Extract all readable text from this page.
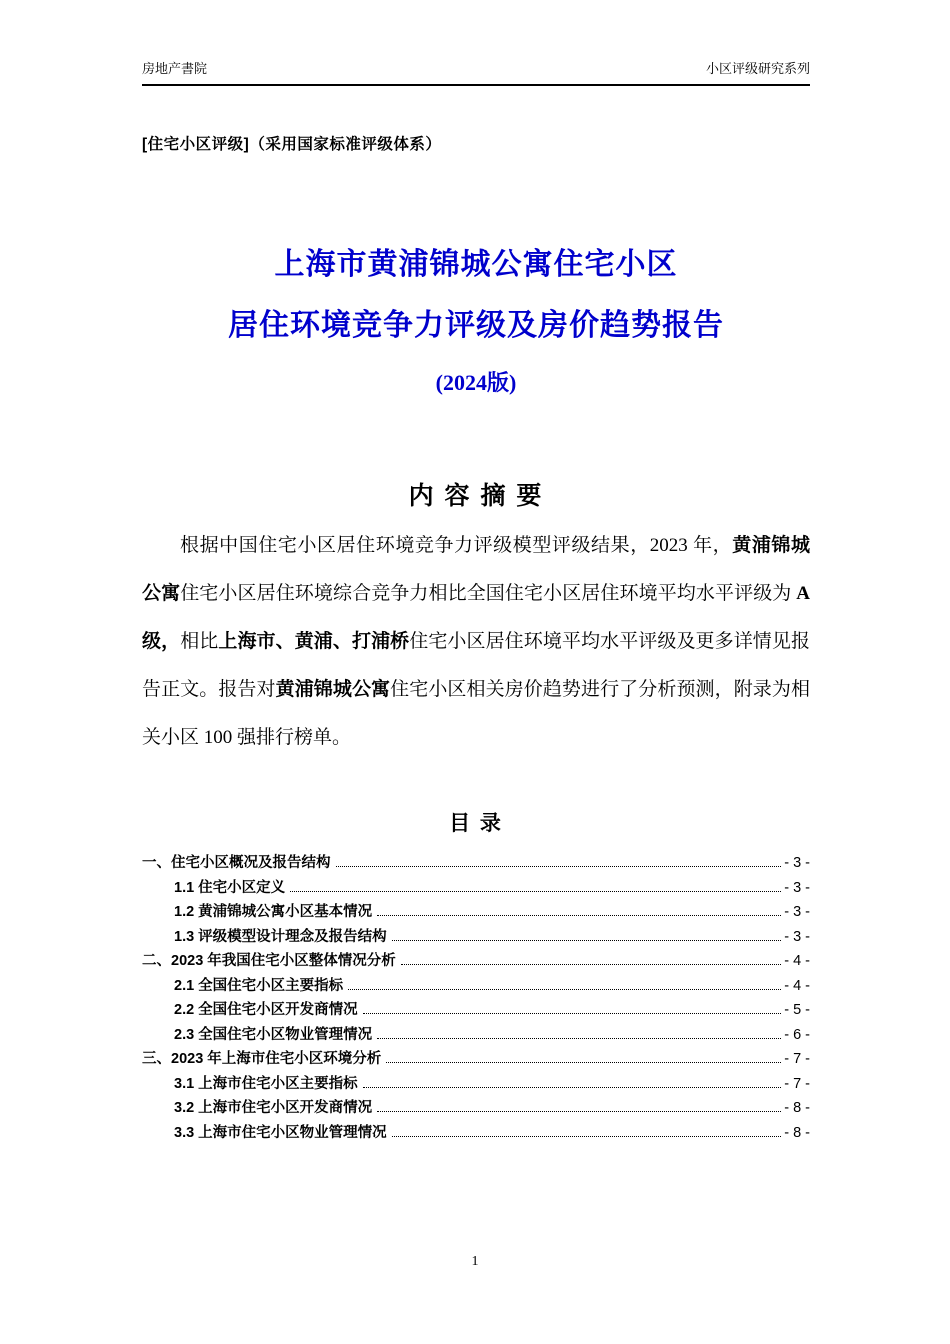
房地产書院	小区评级研究系列
[住宅小区评级]（采用国家标准评级体系）
上海市黄浦锦城公寓住宅小区
居住环境竞争力评级及房价趋势报告
(2024版)
内 容 摘 要

根据中国住宅小区居住环境竞争力评级模型评级结果，2023 年，黄浦锦城公寓住宅小区居住环境综合竞争力相比全国住宅小区居住环境平均水平评级为 A 级，相比上海市、黄浦、打浦桥住宅小区居住环境平均水平评级及更多详情见报告正文。报告对黄浦锦城公寓住宅小区相关房价趋势进行了分析预测，附录为相关小区 100 强排行榜单。

目 录
一、住宅小区概况及报告结构	- 3 -
1.1 住宅小区定义	- 3 -
1.2 黄浦锦城公寓小区基本情况	- 3 -
1.3 评级模型设计理念及报告结构	- 3 -
二、2023 年我国住宅小区整体情况分析	- 4 -
2.1 全国住宅小区主要指标	- 4 -
2.2 全国住宅小区开发商情况	- 5 -
2.3 全国住宅小区物业管理情况	- 6 -
三、2023 年上海市住宅小区环境分析	- 7 -
3.1 上海市住宅小区主要指标	- 7 -
3.2 上海市住宅小区开发商情况	- 8 -
3.3 上海市住宅小区物业管理情况	- 8 -
1
